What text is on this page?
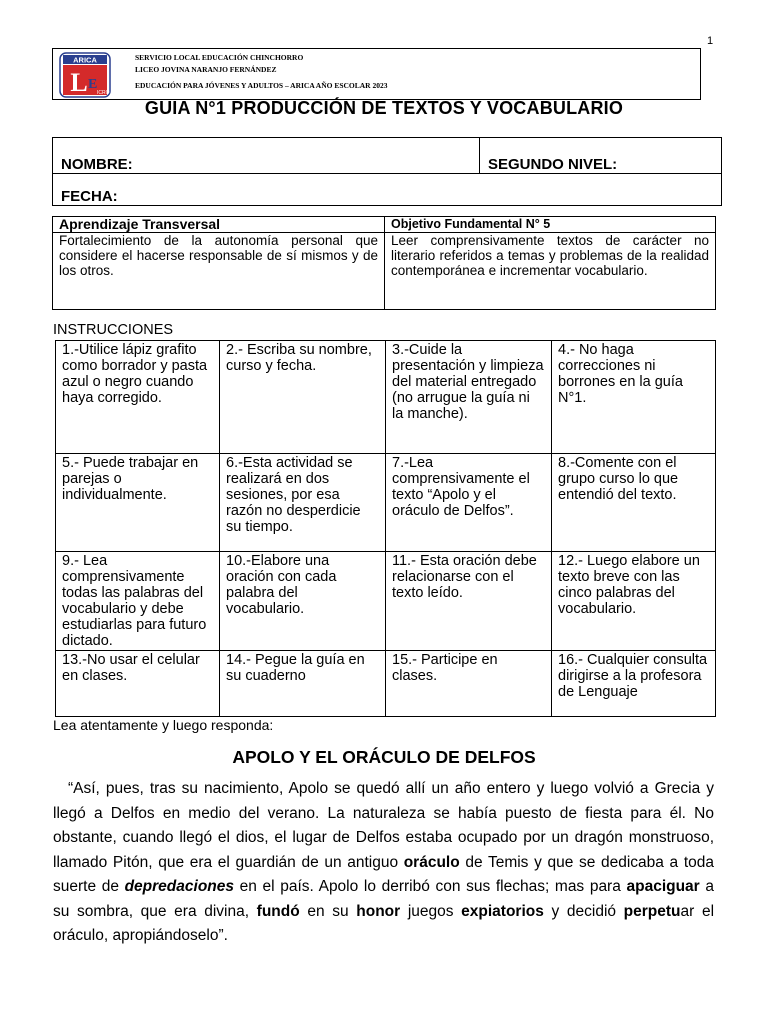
1
ARICA
L E
ICRO
SERVICIO LOCAL EDUCACIÓN CHINCHORRO
LICEO JOVINA NARANJO FERNÁNDEZ
EDUCACIÓN PARA JÓVENES Y ADULTOS – ARICA AÑO ESCOLAR 2023
GUIA N°1 PRODUCCIÓN DE TEXTOS Y VOCABULARIO
NOMBRE:	SEGUNDO NIVEL:
FECHA:
Aprendizaje Transversal	Objetivo Fundamental N° 5
Fortalecimiento de la autonomía personal que considere el hacerse responsable de sí mismos y de los otros.	Leer comprensivamente textos de carácter no literario referidos a temas y problemas de la realidad contemporánea e incrementar vocabulario.
INSTRUCCIONES
1.-Utilice lápiz grafito como borrador y pasta azul o negro cuando haya corregido.	2.- Escriba su nombre, curso y fecha.	3.-Cuide la presentación y limpieza del material entregado (no arrugue la guía ni la manche).	4.- No haga correcciones ni borrones en la guía N°1.
5.- Puede trabajar en parejas o individualmente.	6.-Esta actividad se realizará en dos sesiones, por esa razón no desperdicie su tiempo.	7.-Lea comprensivamente el texto “Apolo y el oráculo de Delfos”.	8.-Comente con el grupo curso lo que entendió del texto.
9.- Lea comprensivamente todas las palabras del vocabulario y debe estudiarlas para futuro dictado.	10.-Elabore una oración con cada palabra del vocabulario.	11.- Esta oración debe relacionarse con el texto leído.	12.- Luego elabore un texto breve con las cinco palabras del vocabulario.
13.-No usar el celular en clases.	14.- Pegue la guía en su cuaderno	15.- Participe en clases.	16.- Cualquier consulta dirigirse a la profesora de Lenguaje
Lea atentamente y luego responda:
APOLO Y EL ORÁCULO DE DELFOS

“Así, pues, tras su nacimiento, Apolo se quedó allí un año entero y luego volvió a Grecia y llegó a Delfos en medio del verano. La naturaleza se había puesto de fiesta para él. No obstante, cuando llegó el dios, el lugar de Delfos estaba ocupado por un dragón monstruoso, llamado Pitón, que era el guardián de un antiguo oráculo de Temis y que se dedicaba a toda suerte de depredaciones en el país. Apolo lo derribó con sus flechas; mas para apaciguar a su sombra, que era divina, fundó en su honor juegos expiatorios y decidió perpetuar el oráculo, apropiándoselo”.
